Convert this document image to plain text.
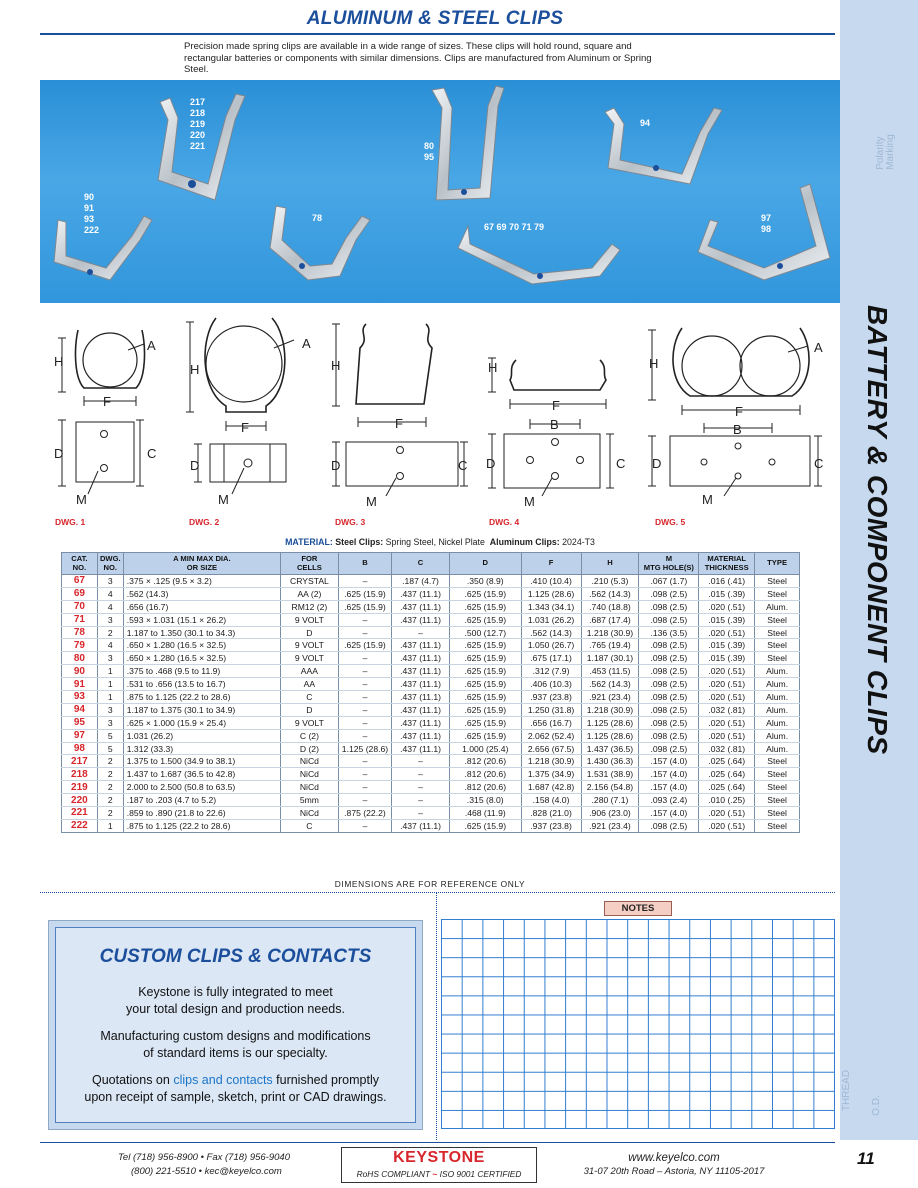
ALUMINUM & STEEL CLIPS
Precision made spring clips are available in a wide range of sizes. These clips will hold round, square and rectangular batteries or components with similar dimensions. Clips are manufactured from Aluminum or Spring Steel.
217
218
219
220
221	80
95
94
90
91
93
222
78
67 69 70 71 79
97
98
Polarity
Marking
THREAD O.D.
BATTERY & COMPONENT CLIPS
A
H
F
D	C
M
A
H
F
D
M
H
F
D	C
M
H
F
B
D	C
M
A
H
F
B
D	C
M
DWG. 1	DWG. 2	DWG. 3	DWG. 4	DWG. 5
MATERIAL: Steel Clips: Spring Steel, Nickel Plate Aluminum Clips: 2024-T3
CAT.
NO.	DWG.
NO.	A MIN MAX DIA.
OR SIZE	FOR
CELLS	B	C	D	F	H	M
MTG HOLE(S)	MATERIAL
THICKNESS	TYPE
67	3	.375 × .125 (9.5 × 3.2)	CRYSTAL	–	.187 (4.7)	.350 (8.9)	.410 (10.4)	.210 (5.3)	.067 (1.7)	.016 (.41)	Steel
69	4	.562 (14.3)	AA (2)	.625 (15.9)	.437 (11.1)	.625 (15.9)	1.125 (28.6)	.562 (14.3)	.098 (2.5)	.015 (.39)	Steel
70	4	.656 (16.7)	RM12 (2)	.625 (15.9)	.437 (11.1)	.625 (15.9)	1.343 (34.1)	.740 (18.8)	.098 (2.5)	.020 (.51)	Alum.
71	3	.593 × 1.031 (15.1 × 26.2)	9 VOLT	–	.437 (11.1)	.625 (15.9)	1.031 (26.2)	.687 (17.4)	.098 (2.5)	.015 (.39)	Steel
78	2	1.187 to 1.350 (30.1 to 34.3)	D	–	–	.500 (12.7)	.562 (14.3)	1.218 (30.9)	.136 (3.5)	.020 (.51)	Steel
79	4	.650 × 1.280 (16.5 × 32.5)	9 VOLT	.625 (15.9)	.437 (11.1)	.625 (15.9)	1.050 (26.7)	.765 (19.4)	.098 (2.5)	.015 (.39)	Steel
80	3	.650 × 1.280 (16.5 × 32.5)	9 VOLT	–	.437 (11.1)	.625 (15.9)	.675 (17.1)	1.187 (30.1)	.098 (2.5)	.015 (.39)	Steel
90	1	.375 to .468 (9.5 to 11.9)	AAA	–	.437 (11.1)	.625 (15.9)	.312 (7.9)	.453 (11.5)	.098 (2.5)	.020 (.51)	Alum.
91	1	.531 to .656 (13.5 to 16.7)	AA	–	.437 (11.1)	.625 (15.9)	.406 (10.3)	.562 (14.3)	.098 (2.5)	.020 (.51)	Alum.
93	1	.875 to 1.125 (22.2 to 28.6)	C	–	.437 (11.1)	.625 (15.9)	.937 (23.8)	.921 (23.4)	.098 (2.5)	.020 (.51)	Alum.
94	3	1.187 to 1.375 (30.1 to 34.9)	D	–	.437 (11.1)	.625 (15.9)	1.250 (31.8)	1.218 (30.9)	.098 (2.5)	.032 (.81)	Alum.
95	3	.625 × 1.000 (15.9 × 25.4)	9 VOLT	–	.437 (11.1)	.625 (15.9)	.656 (16.7)	1.125 (28.6)	.098 (2.5)	.020 (.51)	Alum.
97	5	1.031 (26.2)	C (2)	–	.437 (11.1)	.625 (15.9)	2.062 (52.4)	1.125 (28.6)	.098 (2.5)	.020 (.51)	Alum.
98	5	1.312 (33.3)	D (2)	1.125 (28.6)	.437 (11.1)	1.000 (25.4)	2.656 (67.5)	1.437 (36.5)	.098 (2.5)	.032 (.81)	Alum.
217	2	1.375 to 1.500 (34.9 to 38.1)	NiCd	–	–	.812 (20.6)	1.218 (30.9)	1.430 (36.3)	.157 (4.0)	.025 (.64)	Steel
218	2	1.437 to 1.687 (36.5 to 42.8)	NiCd	–	–	.812 (20.6)	1.375 (34.9)	1.531 (38.9)	.157 (4.0)	.025 (.64)	Steel
219	2	2.000 to 2.500 (50.8 to 63.5)	NiCd	–	–	.812 (20.6)	1.687 (42.8)	2.156 (54.8)	.157 (4.0)	.025 (.64)	Steel
220	2	.187 to .203 (4.7 to 5.2)	5mm	–	–	.315 (8.0)	.158 (4.0)	.280 (7.1)	.093 (2.4)	.010 (.25)	Steel
221	2	.859 to .890 (21.8 to 22.6)	NiCd	.875 (22.2)	–	.468 (11.9)	.828 (21.0)	.906 (23.0)	.157 (4.0)	.020 (.51)	Steel
222	1	.875 to 1.125 (22.2 to 28.6)	C	–	.437 (11.1)	.625 (15.9)	.937 (23.8)	.921 (23.4)	.098 (2.5)	.020 (.51)	Steel
DIMENSIONS ARE FOR REFERENCE ONLY
CUSTOM CLIPS & CONTACTS
Keystone is fully integrated to meet
your total design and production needs.
Manufacturing custom designs and modifications
of standard items is our specialty.
Quotations on clips and contacts furnished promptly
upon receipt of sample, sketch, print or CAD drawings.
NOTES
Tel (718) 956-8900 • Fax (718) 956-9040
(800) 221-5510 • kec@keyelco.com
KEYSTONE
RoHS COMPLIANT ~ ISO 9001 CERTIFIED
www.keyelco.com
31-07 20th Road – Astoria, NY 11105-2017
11
